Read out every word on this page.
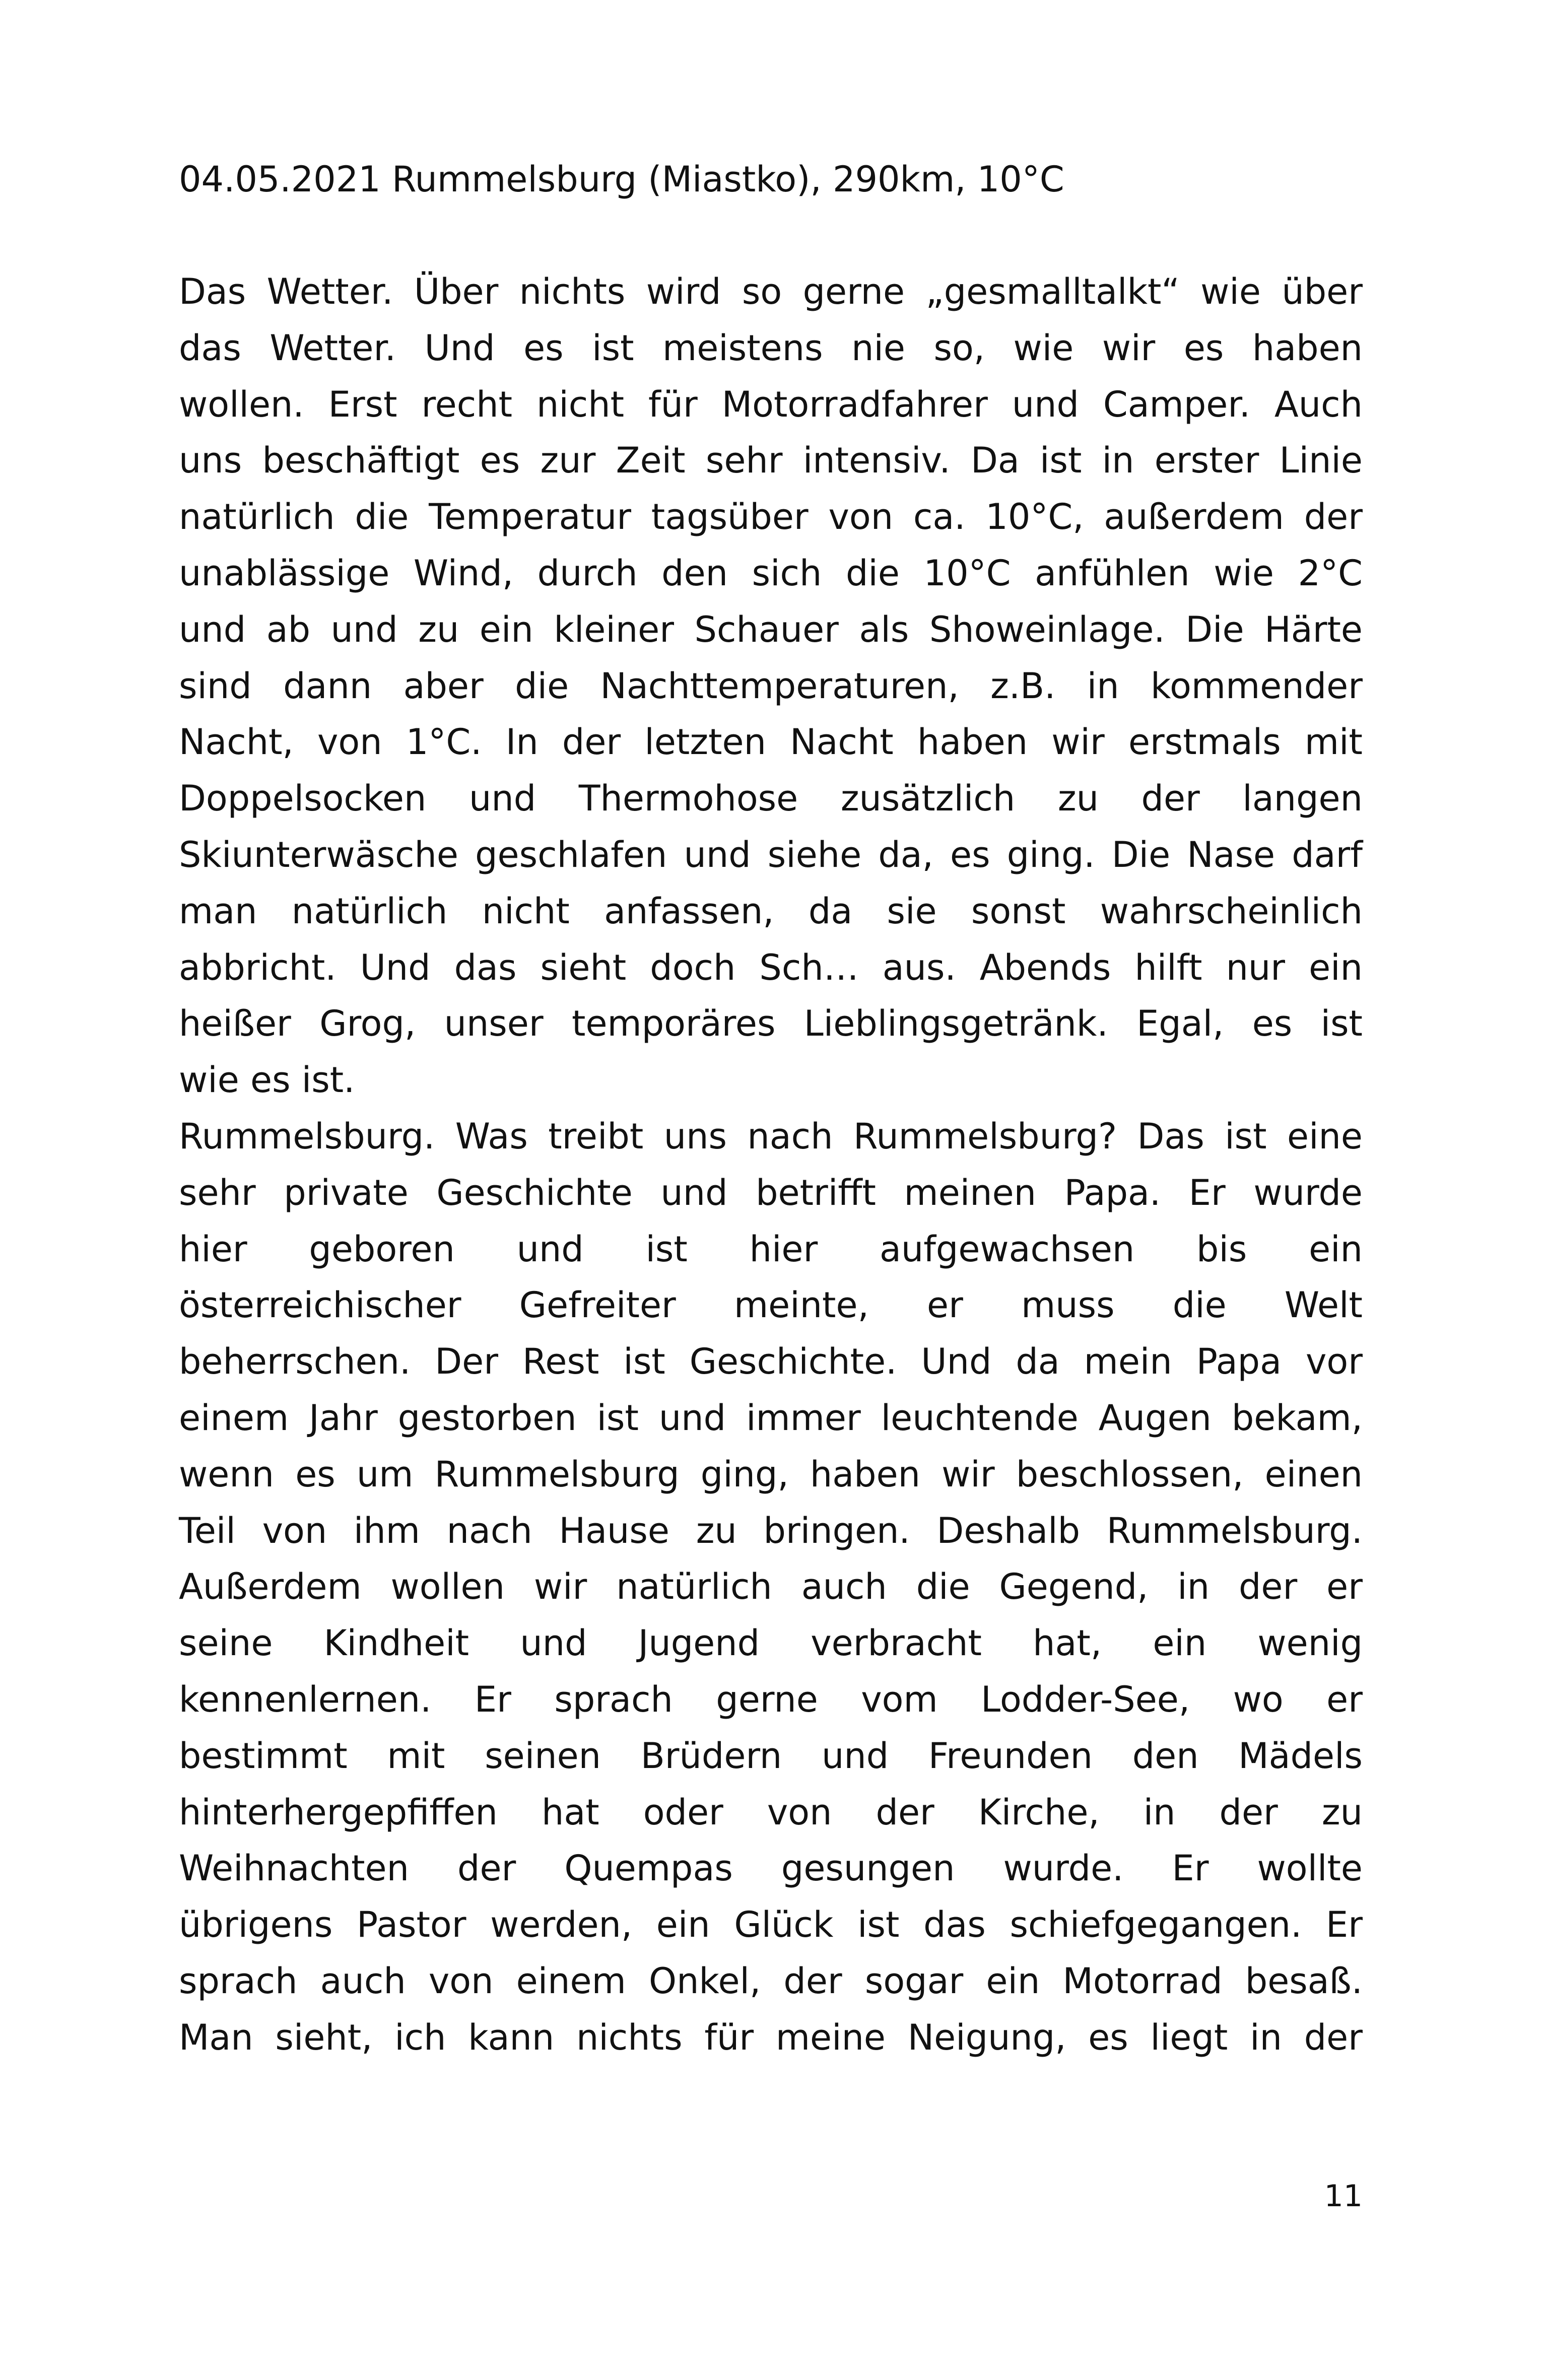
04.05.2021 Rummelsburg (Miastko), 290km, 10°C
Das Wetter. Über nichts wird so gerne „gesmalltalkt“ wie über
das Wetter. Und es ist meistens nie so, wie wir es haben
wollen. Erst recht nicht für Motorradfahrer und Camper. Auch
uns beschäftigt es zur Zeit sehr intensiv. Da ist in erster Linie
natürlich die Temperatur tagsüber von ca. 10°C, außerdem der
unablässige Wind, durch den sich die 10°C anfühlen wie 2°C
und ab und zu ein kleiner Schauer als Showeinlage. Die Härte
sind dann aber die Nachttemperaturen, z.B. in kommender
Nacht, von 1°C. In der letzten Nacht haben wir erstmals mit
Doppelsocken und Thermohose zusätzlich zu der langen
Skiunterwäsche geschlafen und siehe da, es ging. Die Nase darf
man natürlich nicht anfassen, da sie sonst wahrscheinlich
abbricht. Und das sieht doch Sch… aus. Abends hilft nur ein
heißer Grog, unser temporäres Lieblingsgetränk. Egal, es ist
wie es ist.
Rummelsburg. Was treibt uns nach Rummelsburg? Das ist eine
sehr private Geschichte und betrifft meinen Papa. Er wurde
hier geboren und ist hier aufgewachsen bis ein
österreichischer Gefreiter meinte, er muss die Welt
beherrschen. Der Rest ist Geschichte. Und da mein Papa vor
einem Jahr gestorben ist und immer leuchtende Augen bekam,
wenn es um Rummelsburg ging, haben wir beschlossen, einen
Teil von ihm nach Hause zu bringen. Deshalb Rummelsburg.
Außerdem wollen wir natürlich auch die Gegend, in der er
seine Kindheit und Jugend verbracht hat, ein wenig
kennenlernen. Er sprach gerne vom Lodder-See, wo er
bestimmt mit seinen Brüdern und Freunden den Mädels
hinterhergepfiffen hat oder von der Kirche, in der zu
Weihnachten der Quempas gesungen wurde. Er wollte
übrigens Pastor werden, ein Glück ist das schiefgegangen. Er
sprach auch von einem Onkel, der sogar ein Motorrad besaß.
Man sieht, ich kann nichts für meine Neigung, es liegt in der
11
